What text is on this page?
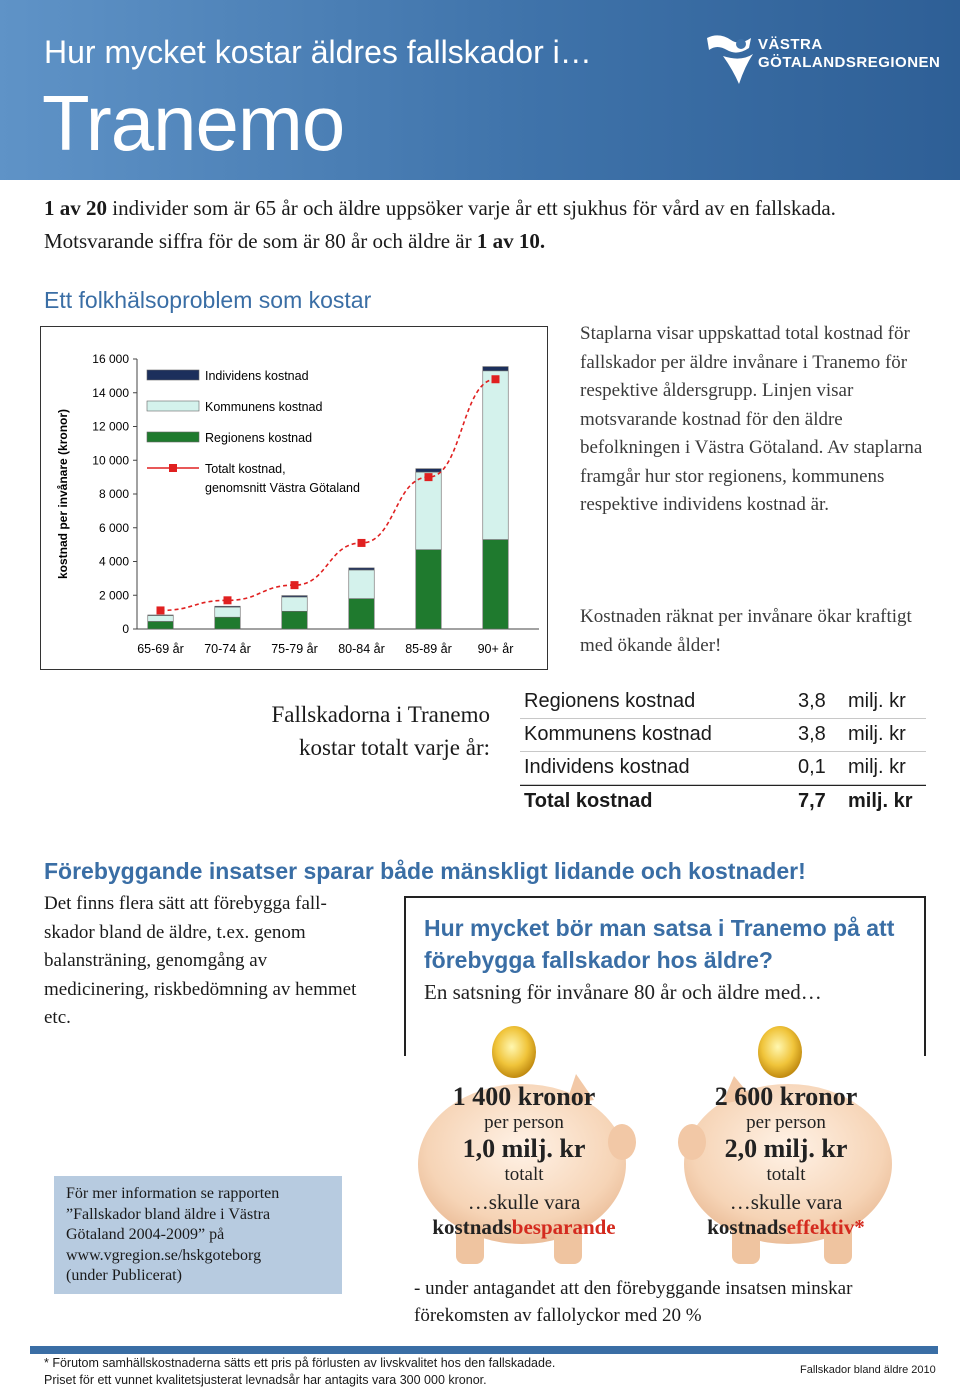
Hur mycket kostar äldres fallskador i…
Tranemo
VÄSTRA
GÖTALANDSREGIONEN
1 av 20 individer som är 65 år och äldre uppsöker varje år ett sjukhus för vård av en fallskada. Motsvarande siffra för de som är 80 år och äldre är 1 av 10.
Ett folkhälsoproblem som kostar
kostnad per invånare (kronor)
0
2 000
4 000
6 000
8 000
10 000
12 000
14 000
16 000
65-69 år 70-74 år 75-79 år 80-84 år 85-89 år 90+ år
Individens kostnad
Kommunens kostnad
Regionens kostnad
Totalt kostnad,
genomsnitt Västra Götaland
Staplarna visar uppskattad total kostnad för fallskador per äldre invånare i Tranemo för respektive åldersgrupp. Linjen visar motsvarande kostnad för den äldre befolkningen i Västra Götaland. Av staplarna framgår hur stor regionens, kommunens respektive individens kostnad är.
Kostnaden räknat per invånare ökar kraftigt med ökande ålder!
Fallskadorna i Tranemo
kostar totalt varje år:
Regionens kostnad	3,8 milj. kr
Kommunens kostnad	3,8 milj. kr
Individens kostnad	0,1 milj. kr
Total kostnad	7,7 milj. kr
Förebyggande insatser sparar både mänskligt lidande och kostnader!
Det finns flera sätt att förebygga fall-skador bland de äldre, t.ex. genom balansträning, genomgång av medicinering, riskbedömning av hemmet etc.
Hur mycket bör man satsa i Tranemo på att förebygga fallskador hos äldre?
En satsning för invånare 80 år och äldre med…
1 400 kronor
per person
1,0 milj. kr
totalt
…skulle vara
kostnadsbesparande
2 600 kronor
per person
2,0 milj. kr
totalt
…skulle vara
kostnadseffektiv*
För mer information se rapporten
”Fallskador bland äldre i Västra
Götaland 2004-2009” på
www.vgregion.se/hskgoteborg
(under Publicerat)
- under antagandet att den förebyggande insatsen minskar förekomsten av fallolyckor med 20 %
* Förutom samhällskostnaderna sätts ett pris på förlusten av livskvalitet hos den fallskadade.
Priset för ett vunnet kvalitetsjusterat levnadsår har antagits vara 300 000 kronor.
Fallskador bland äldre 2010
